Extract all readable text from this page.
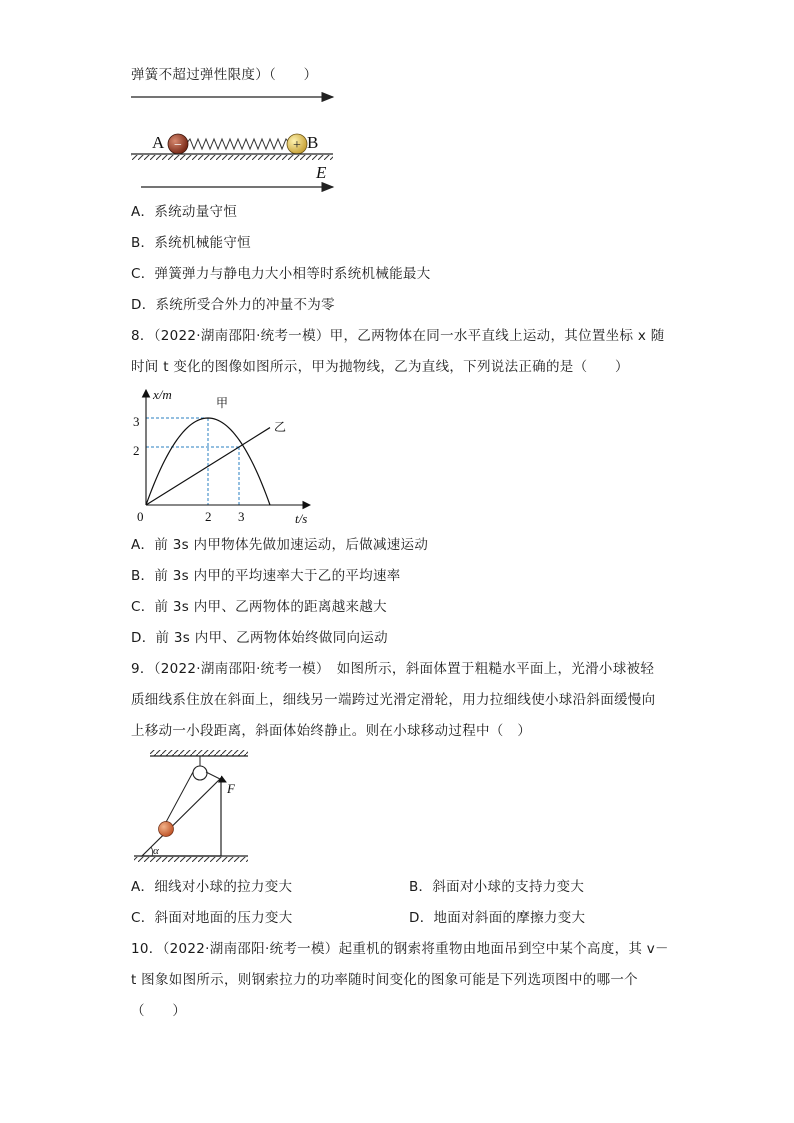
弹簧不超过弹性限度）（　　）
−	+
A	B
E
A．系统动量守恒
B．系统机械能守恒
C．弹簧弹力与静电力大小相等时系统机械能最大
D．系统所受合外力的冲量不为零
8．（2022·湖南邵阳·统考一模）甲，乙两物体在同一水平直线上运动，其位置坐标 x 随
时间 t 变化的图像如图所示，甲为抛物线，乙为直线，下列说法正确的是（　　）
x/m
t/s
0	2 3
3
2
甲
乙
A．前 3s 内甲物体先做加速运动，后做减速运动
B．前 3s 内甲的平均速率大于乙的平均速率
C．前 3s 内甲、乙两物体的距离越来越大
D．前 3s 内甲、乙两物体始终做同向运动
9．（2022·湖南邵阳·统考一模）　如图所示，斜面体置于粗糙水平面上，光滑小球被轻
质细线系住放在斜面上，细线另一端跨过光滑定滑轮，用力拉细线使小球沿斜面缓慢向
上移动一小段距离，斜面体始终静止。则在小球移动过程中（　）
F
α
A．细线对小球的拉力变大	B．斜面对小球的支持力变大
C．斜面对地面的压力变大	D．地面对斜面的摩擦力变大
10．（2022·湖南邵阳·统考一模）起重机的钢索将重物由地面吊到空中某个高度，其 v－
t 图象如图所示，则钢索拉力的功率随时间变化的图象可能是下列选项图中的哪一个
（　　）
